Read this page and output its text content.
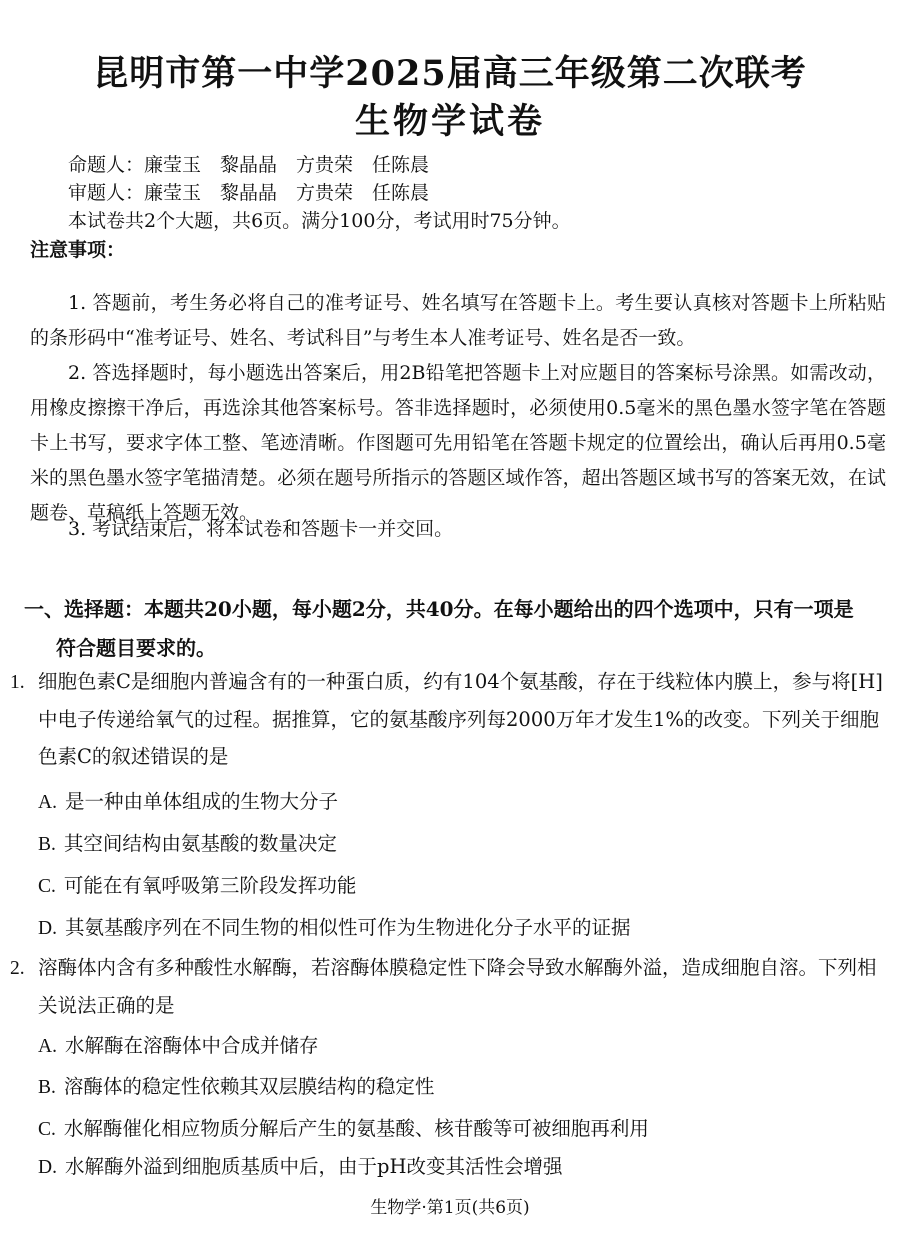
昆明市第一中学2025届高三年级第二次联考
生物学试卷
命题人：廉莹玉　黎晶晶　方贵荣　任陈晨
审题人：廉莹玉　黎晶晶　方贵荣　任陈晨
本试卷共2个大题，共6页。满分100分，考试用时75分钟。
注意事项：
1. 答题前，考生务必将自己的准考证号、姓名填写在答题卡上。考生要认真核对答题卡上所粘贴的条形码中“准考证号、姓名、考试科目”与考生本人准考证号、姓名是否一致。
2. 答选择题时，每小题选出答案后，用2B铅笔把答题卡上对应题目的答案标号涂黑。如需改动，用橡皮擦擦干净后，再选涂其他答案标号。答非选择题时，必须使用0.5毫米的黑色墨水签字笔在答题卡上书写，要求字体工整、笔迹清晰。作图题可先用铅笔在答题卡规定的位置绘出，确认后再用0.5毫米的黑色墨水签字笔描清楚。必须在题号所指示的答题区域作答，超出答题区域书写的答案无效，在试题卷、草稿纸上答题无效。
3. 考试结束后，将本试卷和答题卡一并交回。
一、选择题：本题共20小题，每小题2分，共40分。在每小题给出的四个选项中，只有一项是
符合题目要求的。
1. 细胞色素C是细胞内普遍含有的一种蛋白质，约有104个氨基酸，存在于线粒体内膜上，参与将[H]中电子传递给氧气的过程。据推算，它的氨基酸序列每2000万年才发生1%的改变。下列关于细胞色素C的叙述错误的是
A. 是一种由单体组成的生物大分子
B. 其空间结构由氨基酸的数量决定
C. 可能在有氧呼吸第三阶段发挥功能
D. 其氨基酸序列在不同生物的相似性可作为生物进化分子水平的证据
2. 溶酶体内含有多种酸性水解酶，若溶酶体膜稳定性下降会导致水解酶外溢，造成细胞自溶。下列相关说法正确的是
A. 水解酶在溶酶体中合成并储存
B. 溶酶体的稳定性依赖其双层膜结构的稳定性
C. 水解酶催化相应物质分解后产生的氨基酸、核苷酸等可被细胞再利用
D. 水解酶外溢到细胞质基质中后，由于pH改变其活性会增强
生物学·第1页(共6页)
